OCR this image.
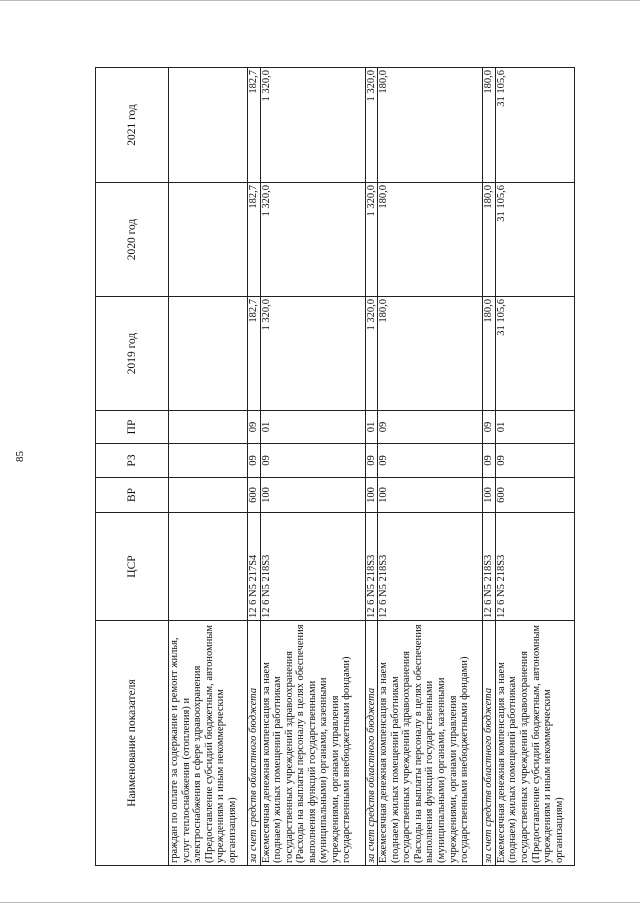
85
Наименование показателя	ЦСР	ВР	РЗ	ПР	2019 год	2020 год	2021 год
граждан по оплате за содержание и ремонт жилья, услуг теплоснабжения (отопления) и электроснабжения в сфере здравоохранения (Предоставление субсидий бюджетным, автономным учреждениям и иным некоммерческим организациям)							
за счет средств областного бюджета	12 6 N5 217S4	600	09	09	182,7	182,7	182,7
Ежемесячная денежная компенсация за наем (поднаем) жилых помещений работникам государственных учреждений здравоохранения (Расходы на выплаты персоналу в целях обеспечения выполнения функций государственными (муниципальными) органами, казенными учреждениями, органами управления государственными внебюджетными фондами)	12 6 N5 218S3	100	09	01	1 320,0	1 320,0	1 320,0
за счет средств областного бюджета	12 6 N5 218S3	100	09	01	1 320,0	1 320,0	1 320,0
Ежемесячная денежная компенсация за наем (поднаем) жилых помещений работникам государственных учреждений здравоохранения (Расходы на выплаты персоналу в целях обеспечения выполнения функций государственными (муниципальными) органами, казенными учреждениями, органами управления государственными внебюджетными фондами)	12 6 N5 218S3	100	09	09	180,0	180,0	180,0
за счет средств областного бюджета	12 6 N5 218S3	100	09	09	180,0	180,0	180,0
Ежемесячная денежная компенсация за наем (поднаем) жилых помещений работникам государственных учреждений здравоохранения (Предоставление субсидий бюджетным, автономным учреждениям и иным некоммерческим организациям)	12 6 N5 218S3	600	09	01	31 105,6	31 105,6	31 105,6
